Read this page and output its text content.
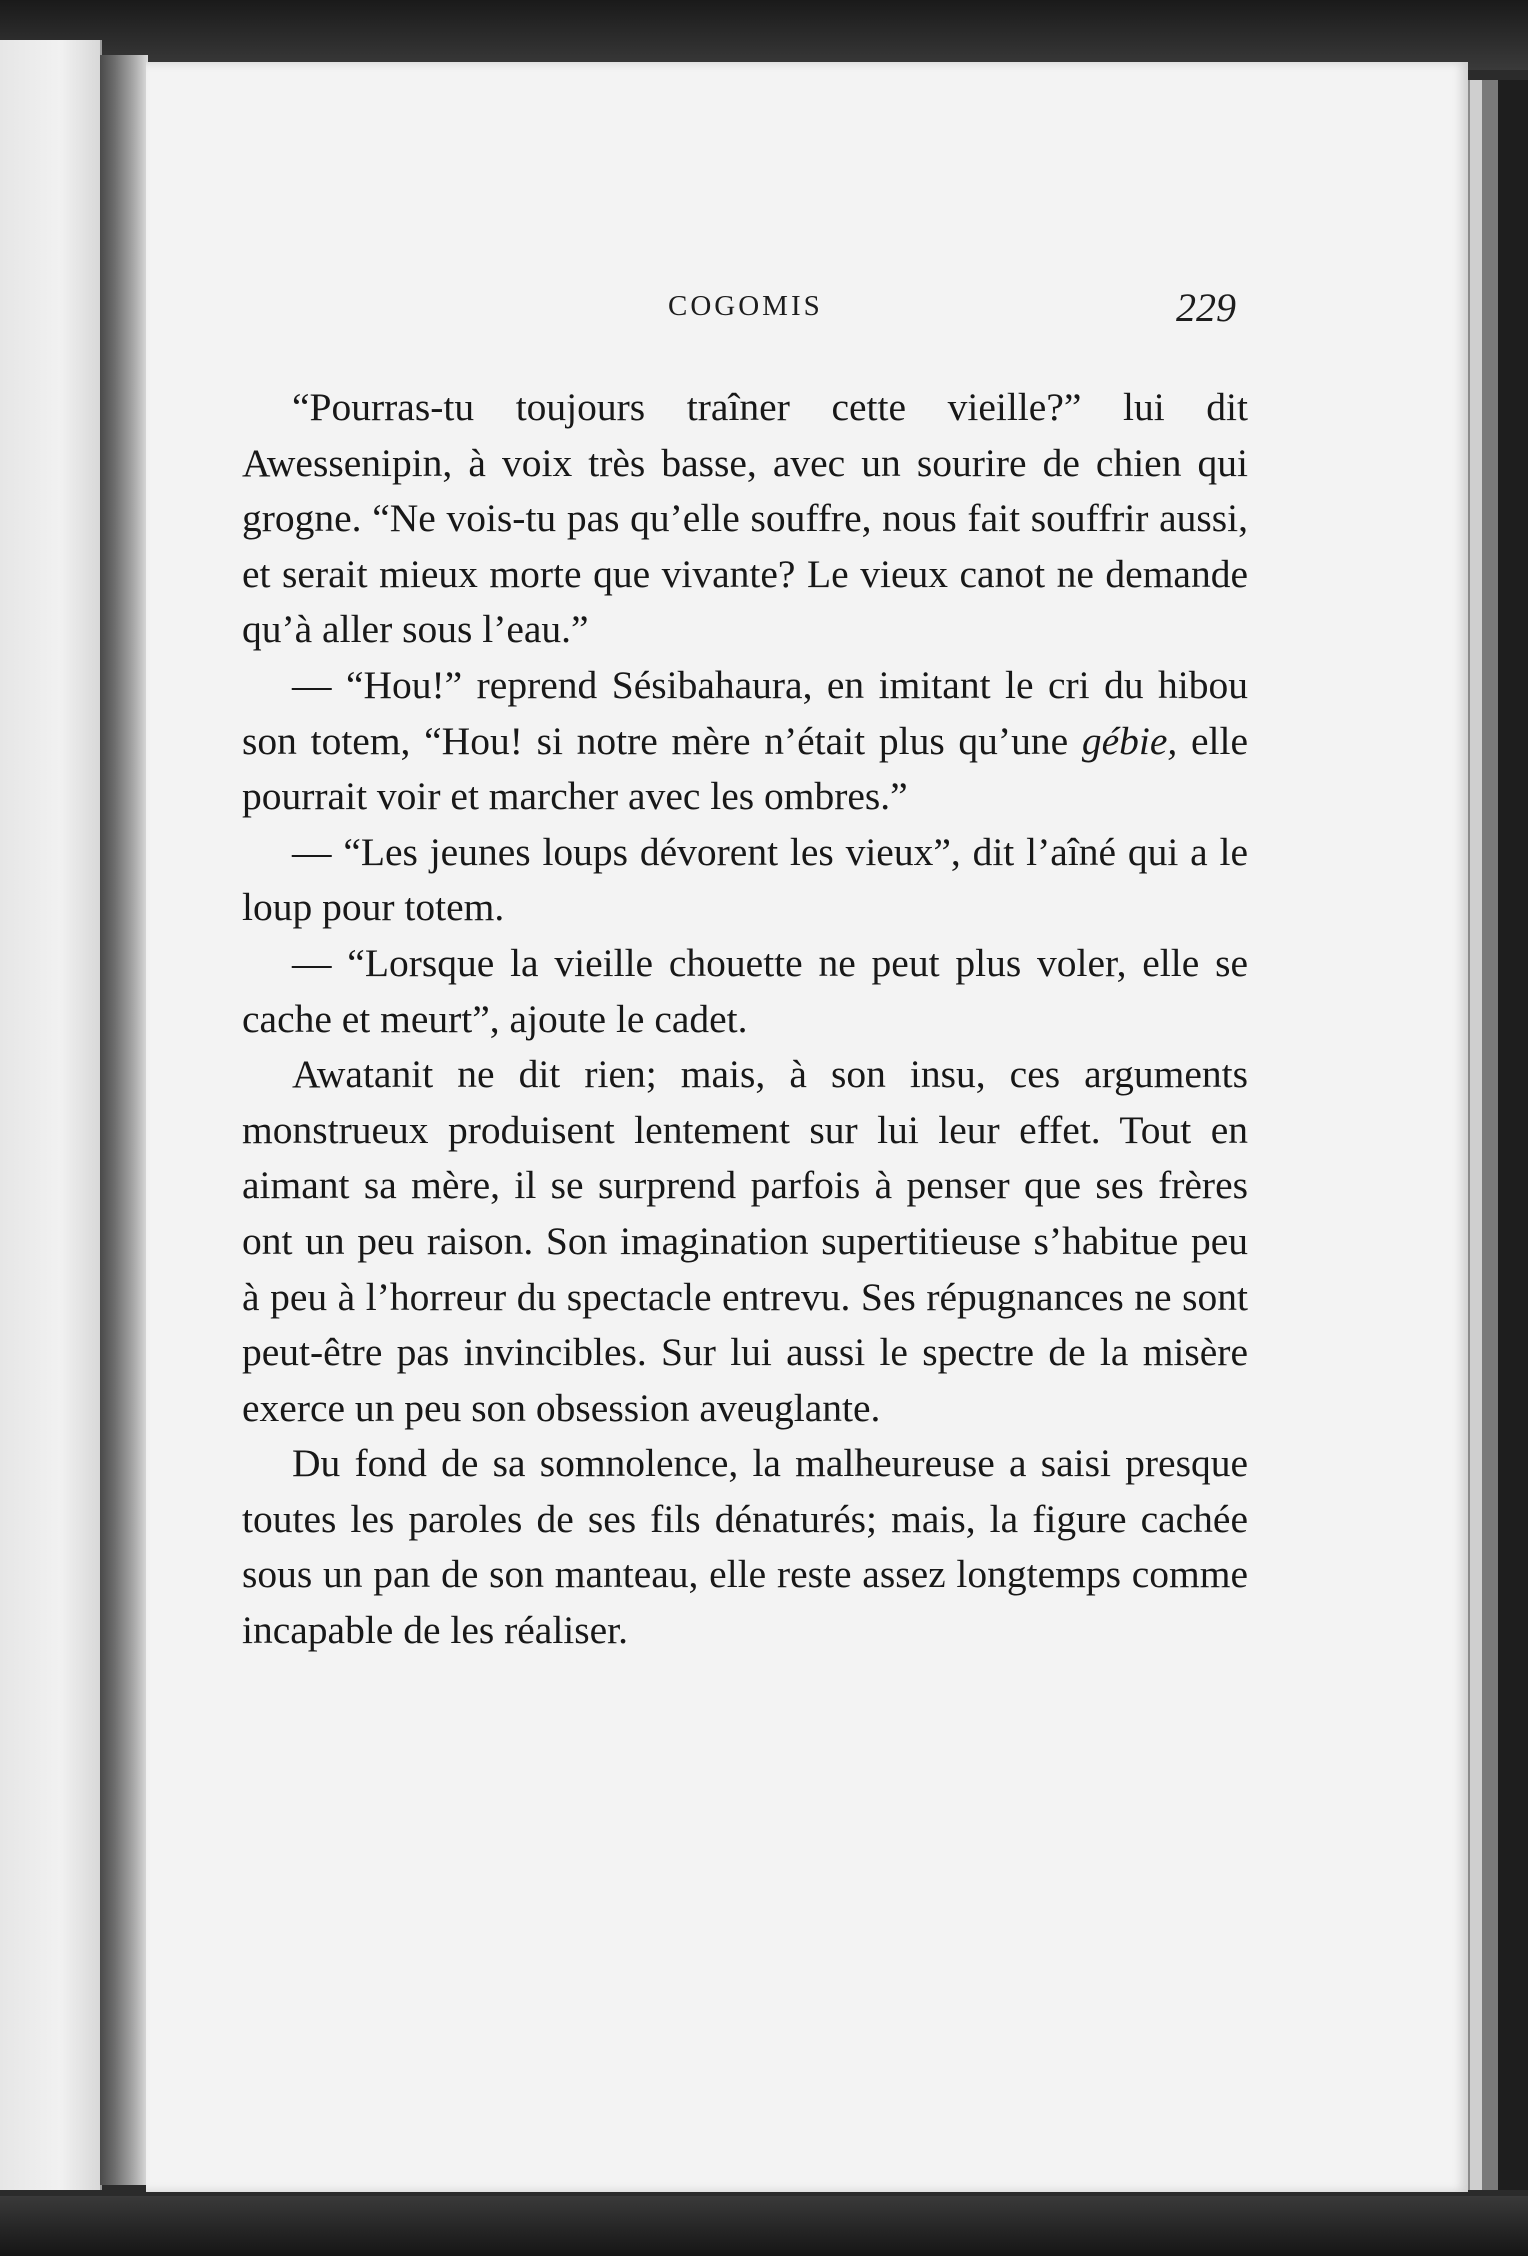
COGOMIS	229

“Pourras-tu toujours traîner cette vieille?” lui dit Awessenipin, à voix très basse, avec un sourire de chien qui grogne. “Ne vois-tu pas qu’elle souffre, nous fait souffrir aussi, et serait mieux morte que vivante? Le vieux canot ne demande qu’à aller sous l’eau.”

— “Hou!” reprend Sésibahaura, en imitant le cri du hibou son totem, “Hou! si notre mère n’était plus qu’une gébie, elle pourrait voir et marcher avec les ombres.”

— “Les jeunes loups dévorent les vieux”, dit l’aîné qui a le loup pour totem.

— “Lorsque la vieille chouette ne peut plus voler, elle se cache et meurt”, ajoute le cadet.

Awatanit ne dit rien; mais, à son insu, ces arguments monstrueux produisent lentement sur lui leur effet. Tout en aimant sa mère, il se surprend parfois à penser que ses frères ont un peu raison. Son imagination supertitieuse s’habitue peu à peu à l’horreur du spectacle entrevu. Ses répugnances ne sont peut-être pas invincibles. Sur lui aussi le spectre de la misère exerce un peu son obsession aveuglante.

Du fond de sa somnolence, la malheureuse a saisi presque toutes les paroles de ses fils dénaturés; mais, la figure cachée sous un pan de son manteau, elle reste assez longtemps comme incapable de les réaliser.
